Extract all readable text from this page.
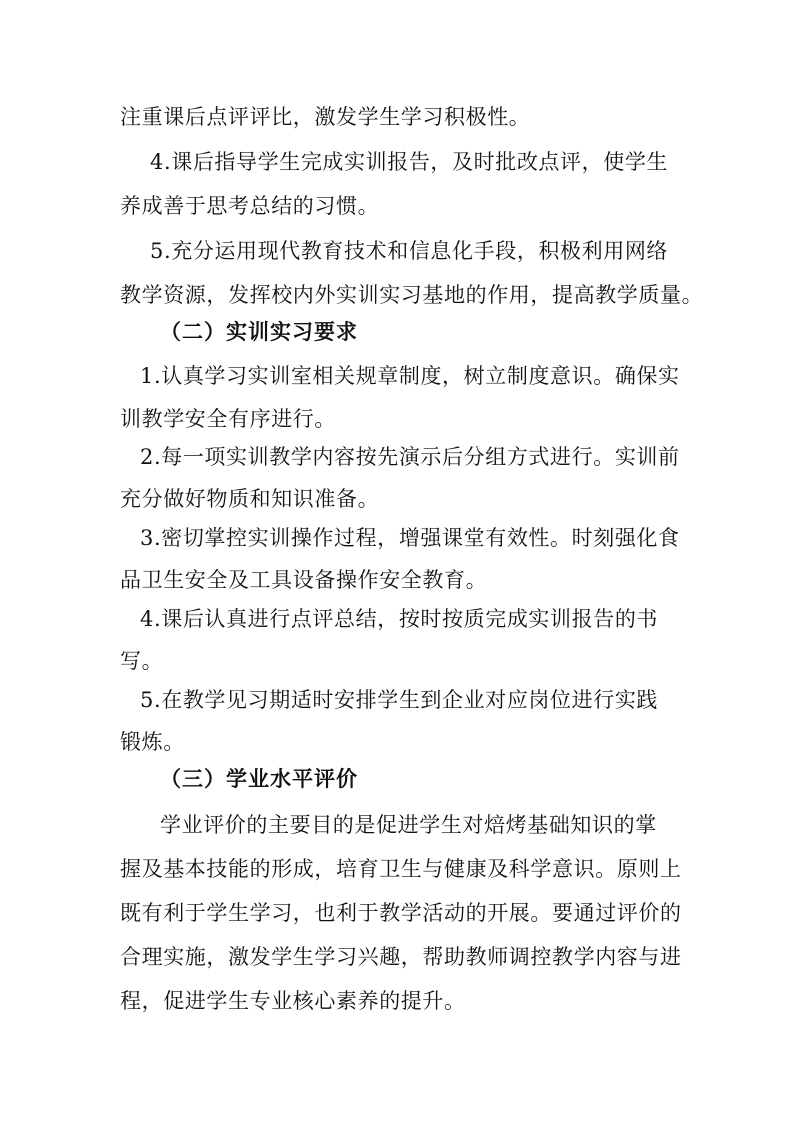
注重课后点评评比，激发学生学习积极性。
4.课后指导学生完成实训报告，及时批改点评，使学生
养成善于思考总结的习惯。
5.充分运用现代教育技术和信息化手段，积极利用网络
教学资源，发挥校内外实训实习基地的作用，提高教学质量。
（二）实训实习要求
1.认真学习实训室相关规章制度，树立制度意识。确保实
训教学安全有序进行。
2.每一项实训教学内容按先演示后分组方式进行。实训前
充分做好物质和知识准备。
3.密切掌控实训操作过程，增强课堂有效性。时刻强化食
品卫生安全及工具设备操作安全教育。
4.课后认真进行点评总结，按时按质完成实训报告的书
写。
5.在教学见习期适时安排学生到企业对应岗位进行实践
锻炼。
（三）学业水平评价
学业评价的主要目的是促进学生对焙烤基础知识的掌
握及基本技能的形成，培育卫生与健康及科学意识。原则上
既有利于学生学习，也利于教学活动的开展。要通过评价的
合理实施，激发学生学习兴趣，帮助教师调控教学内容与进
程，促进学生专业核心素养的提升。
